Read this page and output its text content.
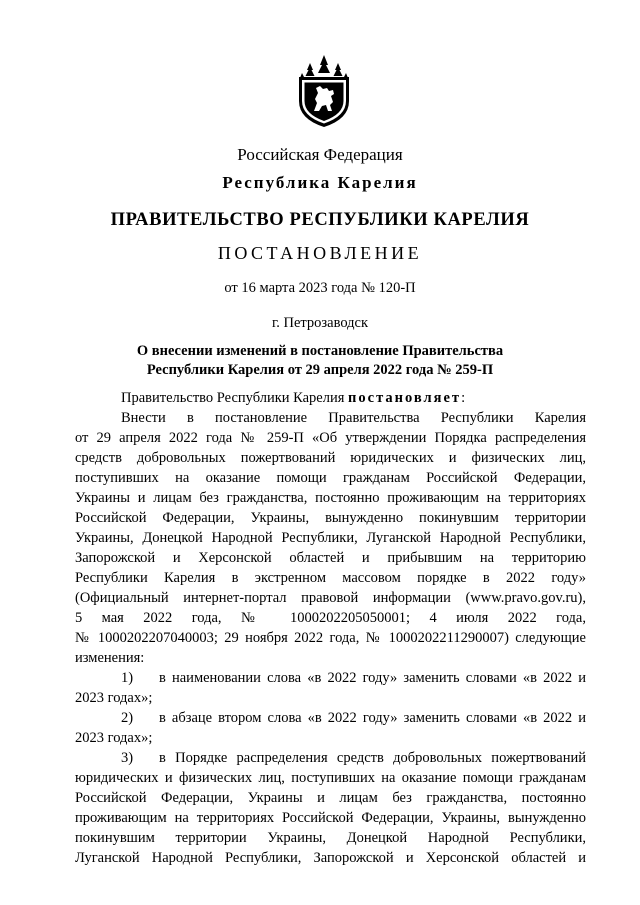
Российская Федерация
Республика Карелия
ПРАВИТЕЛЬСТВО РЕСПУБЛИКИ КАРЕЛИЯ
ПОСТАНОВЛЕНИЕ
от 16 марта 2023 года № 120-П
г. Петрозаводск
О внесении изменений в постановление Правительства
Республики Карелия от 29 апреля 2022 года № 259-П
Правительство Республики Карелия постановляет:
Внести в постановление Правительства Республики Карелия
от 29 апреля 2022 года № 259-П «Об утверждении Порядка распределения
средств добровольных пожертвований юридических и физических лиц,
поступивших на оказание помощи гражданам Российской Федерации,
Украины и лицам без гражданства, постоянно проживающим на территориях
Российской Федерации, Украины, вынужденно покинувшим территории
Украины, Донецкой Народной Республики, Луганской Народной Республики,
Запорожской и Херсонской областей и прибывшим на территорию
Республики Карелия в экстренном массовом порядке в 2022 году»
(Официальный интернет-портал правовой информации (www.pravo.gov.ru),
5 мая 2022 года, № 1000202205050001; 4 июля 2022 года,
№ 1000202207040003; 29 ноября 2022 года, № 1000202211290007) следующие
изменения:
1) в наименовании слова «в 2022 году» заменить словами «в 2022 и
2023 годах»;
2) в абзаце втором слова «в 2022 году» заменить словами «в 2022 и
2023 годах»;
3) в Порядке распределения средств добровольных пожертвований
юридических и физических лиц, поступивших на оказание помощи гражданам
Российской Федерации, Украины и лицам без гражданства, постоянно
проживающим на территориях Российской Федерации, Украины, вынужденно
покинувшим территории Украины, Донецкой Народной Республики,
Луганской Народной Республики, Запорожской и Херсонской областей и
